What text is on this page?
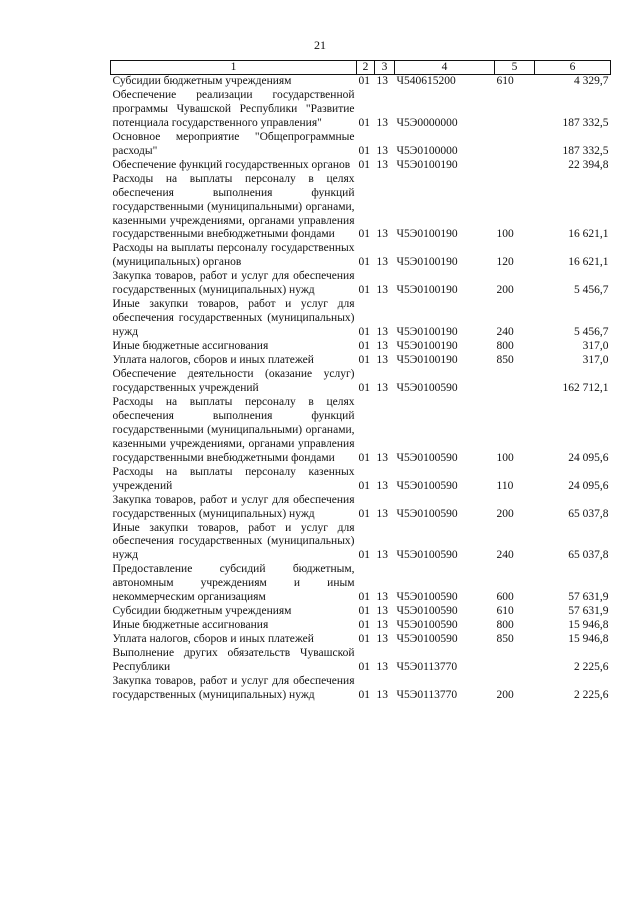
21
1	2	3	4	5	6
Субсидии бюджетным учреждениям	01	13	Ч540615200	610	4 329,7
Обеспечение реализации государственной программы Чувашской Республики "Развитие потенциала государственного управления"	01	13	Ч5Э0000000		187 332,5
Основное мероприятие "Общепрограммные расходы"	01	13	Ч5Э0100000		187 332,5
Обеспечение функций государственных органов	01	13	Ч5Э0100190		22 394,8
Расходы на выплаты персоналу в целях обеспечения выполнения функций государственными (муниципальными) органами, казенными учреждениями, органами управления государственными внебюджетными фондами	01	13	Ч5Э0100190	100	16 621,1
Расходы на выплаты персоналу государственных (муниципальных) органов	01	13	Ч5Э0100190	120	16 621,1
Закупка товаров, работ и услуг для обеспечения государственных (муниципальных) нужд	01	13	Ч5Э0100190	200	5 456,7
Иные закупки товаров, работ и услуг для обеспечения государственных (муниципальных) нужд	01	13	Ч5Э0100190	240	5 456,7
Иные бюджетные ассигнования	01	13	Ч5Э0100190	800	317,0
Уплата налогов, сборов и иных платежей	01	13	Ч5Э0100190	850	317,0
Обеспечение деятельности (оказание услуг) государственных учреждений	01	13	Ч5Э0100590		162 712,1
Расходы на выплаты персоналу в целях обеспечения выполнения функций государственными (муниципальными) органами, казенными учреждениями, органами управления государственными внебюджетными фондами	01	13	Ч5Э0100590	100	24 095,6
Расходы на выплаты персоналу казенных учреждений	01	13	Ч5Э0100590	110	24 095,6
Закупка товаров, работ и услуг для обеспечения государственных (муниципальных) нужд	01	13	Ч5Э0100590	200	65 037,8
Иные закупки товаров, работ и услуг для обеспечения государственных (муниципальных) нужд	01	13	Ч5Э0100590	240	65 037,8
Предоставление субсидий бюджетным, автономным учреждениям и иным некоммерческим организациям	01	13	Ч5Э0100590	600	57 631,9
Субсидии бюджетным учреждениям	01	13	Ч5Э0100590	610	57 631,9
Иные бюджетные ассигнования	01	13	Ч5Э0100590	800	15 946,8
Уплата налогов, сборов и иных платежей	01	13	Ч5Э0100590	850	15 946,8
Выполнение других обязательств Чувашской Республики	01	13	Ч5Э0113770		2 225,6
Закупка товаров, работ и услуг для обеспечения государственных (муниципальных) нужд	01	13	Ч5Э0113770	200	2 225,6
